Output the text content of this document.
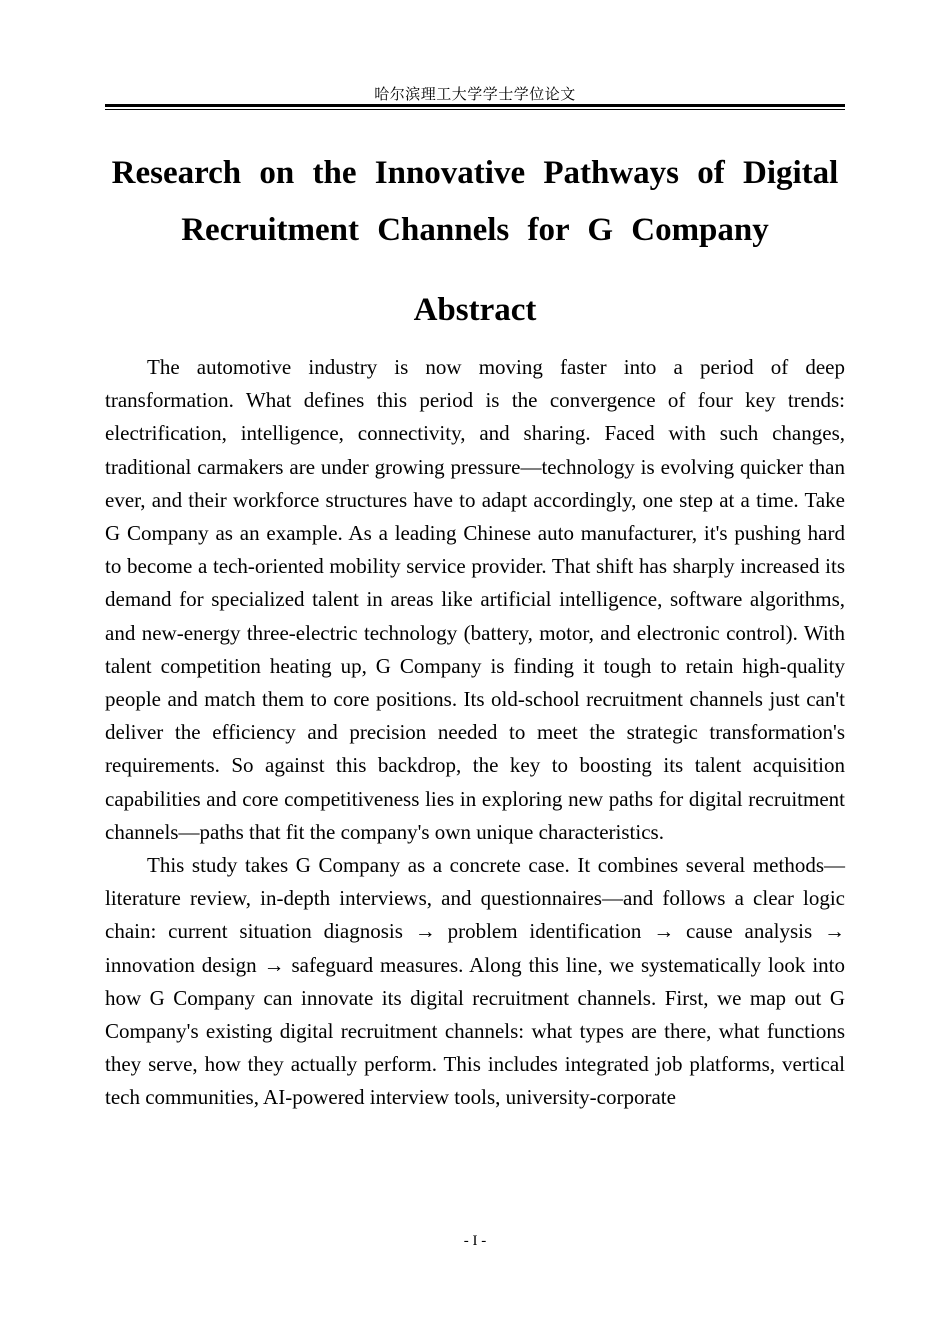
哈尔滨理工大学学士学位论文
Research on the Innovative Pathways of Digital Recruitment Channels for G Company
Abstract

The automotive industry is now moving faster into a period of deep transformation. What defines this period is the convergence of four key trends: electrification, intelligence, connectivity, and sharing. Faced with such changes, traditional carmakers are under growing pressure—technology is evolving quicker than ever, and their workforce structures have to adapt accordingly, one step at a time. Take G Company as an example. As a leading Chinese auto manufacturer, it's pushing hard to become a tech-oriented mobility service provider. That shift has sharply increased its demand for specialized talent in areas like artificial intelligence, software algorithms, and new-energy three-electric technology (battery, motor, and electronic control). With talent competition heating up, G Company is finding it tough to retain high-quality people and match them to core positions. Its old-school recruitment channels just can't deliver the efficiency and precision needed to meet the strategic transformation's requirements. So against this backdrop, the key to boosting its talent acquisition capabilities and core competitiveness lies in exploring new paths for digital recruitment channels—paths that fit the company's own unique characteristics.

This study takes G Company as a concrete case. It combines several methods—literature review, in-depth interviews, and questionnaires—and follows a clear logic chain: current situation diagnosis → problem identification → cause analysis → innovation design → safeguard measures. Along this line, we systematically look into how G Company can innovate its digital recruitment channels. First, we map out G Company's existing digital recruitment channels: what types are there, what functions they serve, how they actually perform. This includes integrated job platforms, vertical tech communities, AI-powered interview tools, university-corporate

- I -
